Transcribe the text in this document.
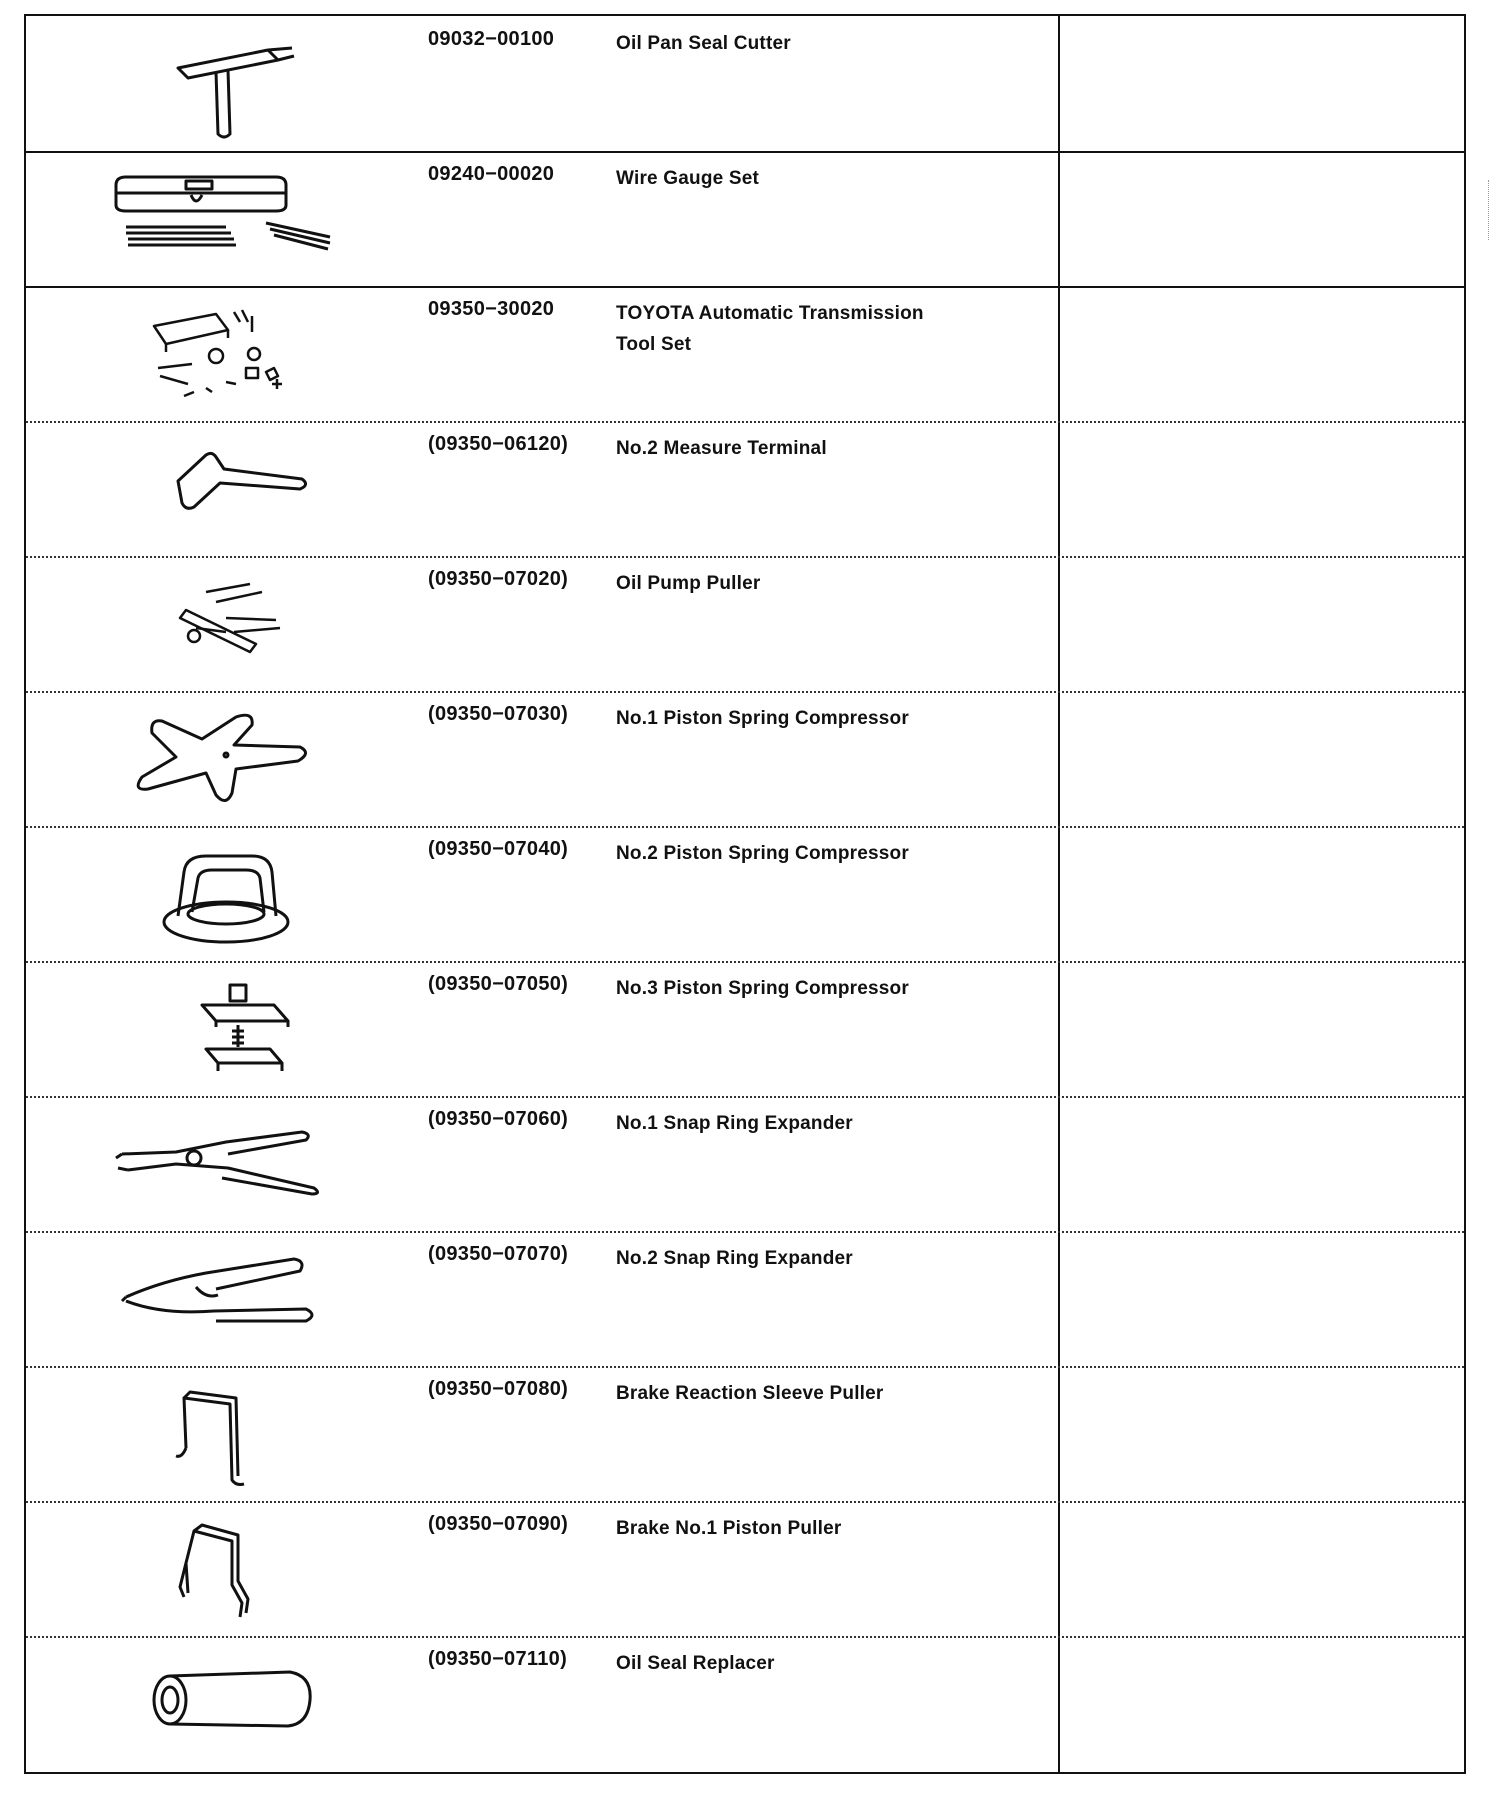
09032−00100	Oil Pan Seal Cutter
09240−00020	Wire Gauge Set
09350−30020	TOYOTA Automatic Transmission
Tool Set
(09350−06120)	No.2 Measure Terminal
(09350−07020)	Oil Pump Puller
(09350−07030)	No.1 Piston Spring Compressor
(09350−07040)	No.2 Piston Spring Compressor
(09350−07050)	No.3 Piston Spring Compressor
(09350−07060)	No.1 Snap Ring Expander
(09350−07070)	No.2 Snap Ring Expander
(09350−07080)	Brake Reaction Sleeve Puller
(09350−07090)	Brake No.1 Piston Puller
(09350−07110)	Oil Seal Replacer
